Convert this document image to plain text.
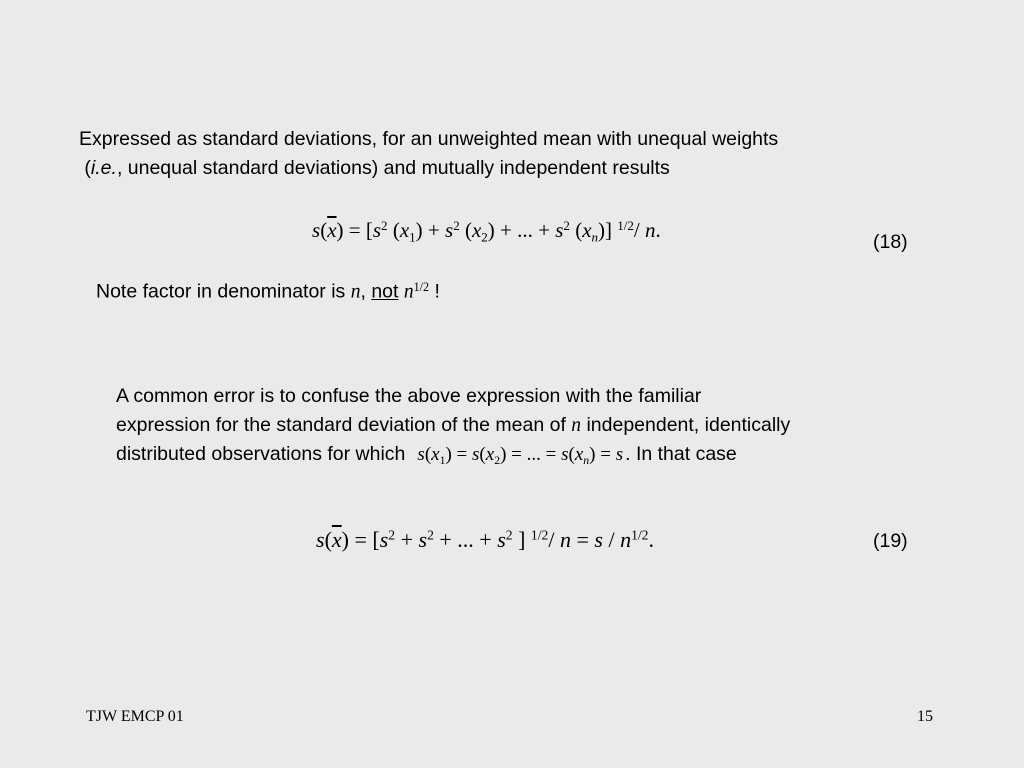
Expressed as standard deviations, for an unweighted mean with unequal weights
(i.e., unequal standard deviations) and mutually independent results
$s(\overline{x}) = [s^2$ $(x_1) + s^2$ $(x_2)$ + ... + $s^2$ $(x_n)$] $^{1/2}$/ n.	(18)
Note factor in denominator is n, not $n^{1/2}$ !
A common error is to confuse the above expression with the familiar
expression for the standard deviation of the mean of n independent, identically
distributed observations for which $s(x_1) = s(x_2)$ = ... = $s(x_n) = s$ . In that case
$s(\overline{x}) = [s^2 + s^2$ + ... + $s^2$ ] $^{1/2}$/ $n = s / n^{1/2}$.	(19)
TJW EMCP 01	15
